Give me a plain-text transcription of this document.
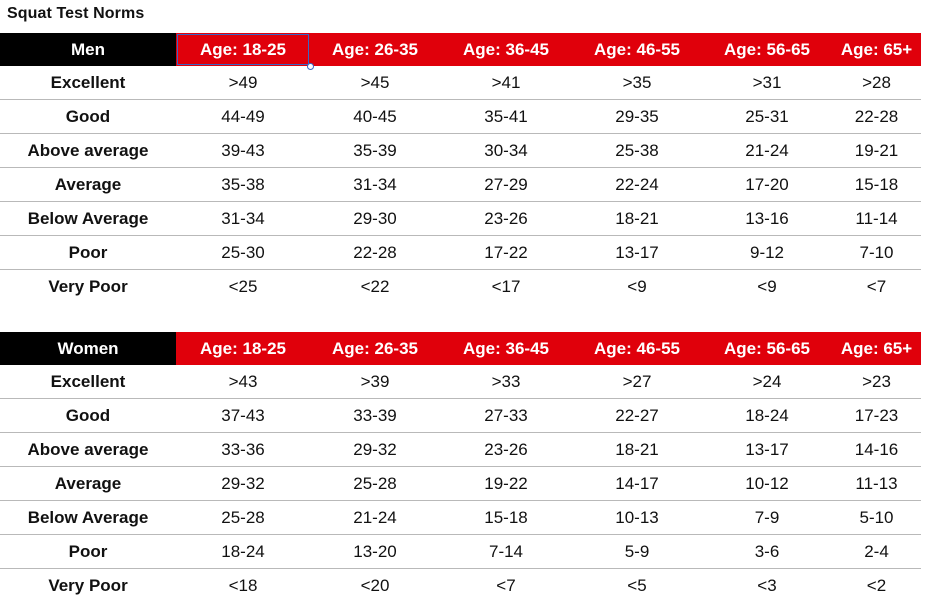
Squat Test Norms
Men	Age: 18-25	Age: 26-35	Age: 36-45	Age: 46-55	Age: 56-65	Age: 65+
Excellent	>49	>45	>41	>35	>31	>28
Good	44-49	40-45	35-41	29-35	25-31	22-28
Above average	39-43	35-39	30-34	25-38	21-24	19-21
Average	35-38	31-34	27-29	22-24	17-20	15-18
Below Average	31-34	29-30	23-26	18-21	13-16	11-14
Poor	25-30	22-28	17-22	13-17	9-12	7-10
Very Poor	<25	<22	<17	<9	<9	<7
Women	Age: 18-25	Age: 26-35	Age: 36-45	Age: 46-55	Age: 56-65	Age: 65+
Excellent	>43	>39	>33	>27	>24	>23
Good	37-43	33-39	27-33	22-27	18-24	17-23
Above average	33-36	29-32	23-26	18-21	13-17	14-16
Average	29-32	25-28	19-22	14-17	10-12	11-13
Below Average	25-28	21-24	15-18	10-13	7-9	5-10
Poor	18-24	13-20	7-14	5-9	3-6	2-4
Very Poor	<18	<20	<7	<5	<3	<2
